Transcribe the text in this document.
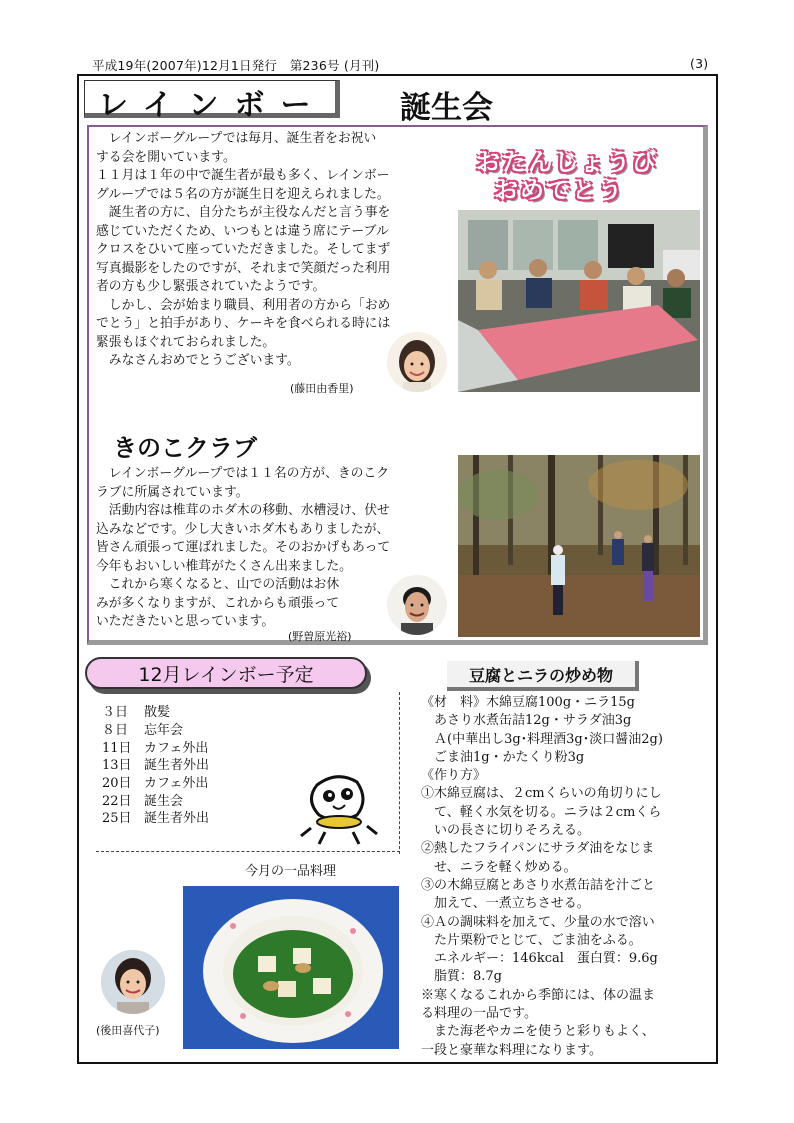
平成19年(2007年)12月1日発行　第236号 (月刊)	(3)
レインボー 誕生会
　レインボーグループでは毎月、誕生者をお祝い
する会を開いています。
１１月は１年の中で誕生者が最も多く、レインボー
グループでは５名の方が誕生日を迎えられました。
　誕生者の方に、自分たちが主役なんだと言う事を
感じていただくため、いつもとは違う席にテーブル
クロスをひいて座っていただきました。そしてまず
写真撮影をしたのですが、それまで笑顔だった利用
者の方も少し緊張されていたようです。
　しかし、会が始まり職員、利用者の方から「おめ
でとう」と拍手があり、ケーキを食べられる時には
緊張もほぐれておられました。
　みなさんおめでとうございます。
おたんじょうび
おめでとう
(藤田由香里)
きのこクラブ
　レインボーグループでは１１名の方が、きのこク
ラブに所属されています。
　活動内容は椎茸のホダ木の移動、水槽浸け、伏せ
込みなどです。少し大きいホダ木もありましたが、
皆さん頑張って運ばれました。そのおかげもあって
今年もおいしい椎茸がたくさん出来ました。
　これから寒くなると、山での活動はお休
みが多くなりますが、これからも頑張って
いただきたいと思っています。
(野曽原光裕)
12月レインボー予定
３日 散髪
８日 忘年会
11日 カフェ外出
13日 誕生者外出
20日 カフェ外出
22日 誕生会
25日 誕生者外出
今月の一品料理
(後田喜代子)
豆腐とニラの炒め物
《材　料》木綿豆腐100g・ニラ15g
　あさり水煮缶詰12g・サラダ油3g
　Ａ(中華出し3g･料理酒3g･淡口醤油2g)
　ごま油1g・かたくり粉3g
《作り方》
①木綿豆腐は、２cmくらいの角切りにし
　て、軽く水気を切る。ニラは２cmくら
　いの長さに切りそろえる。
②熱したフライパンにサラダ油をなじま
　せ、ニラを軽く炒める。
③の木綿豆腐とあさり水煮缶詰を汁ごと
　加えて、一煮立ちさせる。
④Ａの調味料を加えて、少量の水で溶い
　た片栗粉でとじて、ごま油をふる。
　エネルギー：146kcal　蛋白質：9.6g
　脂質：8.7g
※寒くなるこれから季節には、体の温ま
る料理の一品です。
　また海老やカニを使うと彩りもよく、
一段と豪華な料理になります。
